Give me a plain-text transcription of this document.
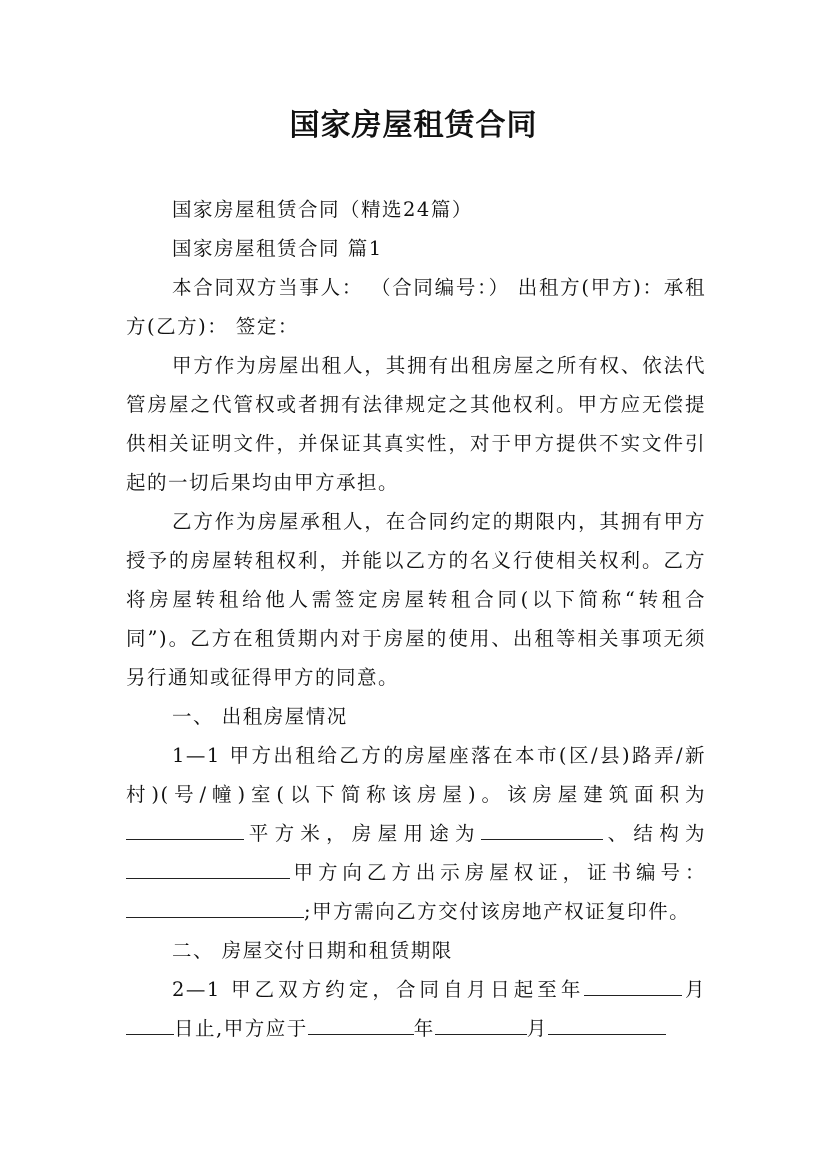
国家房屋租赁合同

国家房屋租赁合同（精选24篇）

国家房屋租赁合同 篇1

本合同双方当事人： （合同编号：） 出租方(甲方)：承租方(乙方)： 签定：

甲方作为房屋出租人，其拥有出租房屋之所有权、依法代管房屋之代管权或者拥有法律规定之其他权利。甲方应无偿提供相关证明文件，并保证其真实性，对于甲方提供不实文件引起的一切后果均由甲方承担。

乙方作为房屋承租人，在合同约定的期限内，其拥有甲方授予的房屋转租权利，并能以乙方的名义行使相关权利。乙方将房屋转租给他人需签定房屋转租合同(以下简称“转租合同”)。乙方在租赁期内对于房屋的使用、出租等相关事项无须另行通知或征得甲方的同意。

一、 出租房屋情况

1—1 甲方出租给乙方的房屋座落在本市(区/县)路弄/新村)(号/幢)室(以下简称该房屋)。该房屋建筑面积为平方米，房屋用途为	、结构为甲方向乙方出示房屋权证，证书编号：;甲方需向乙方交付该房地产权证复印件。

二、 房屋交付日期和租赁期限

2—1 甲乙双方约定，合同自月日起至年	月日止,甲方应于	年	月
